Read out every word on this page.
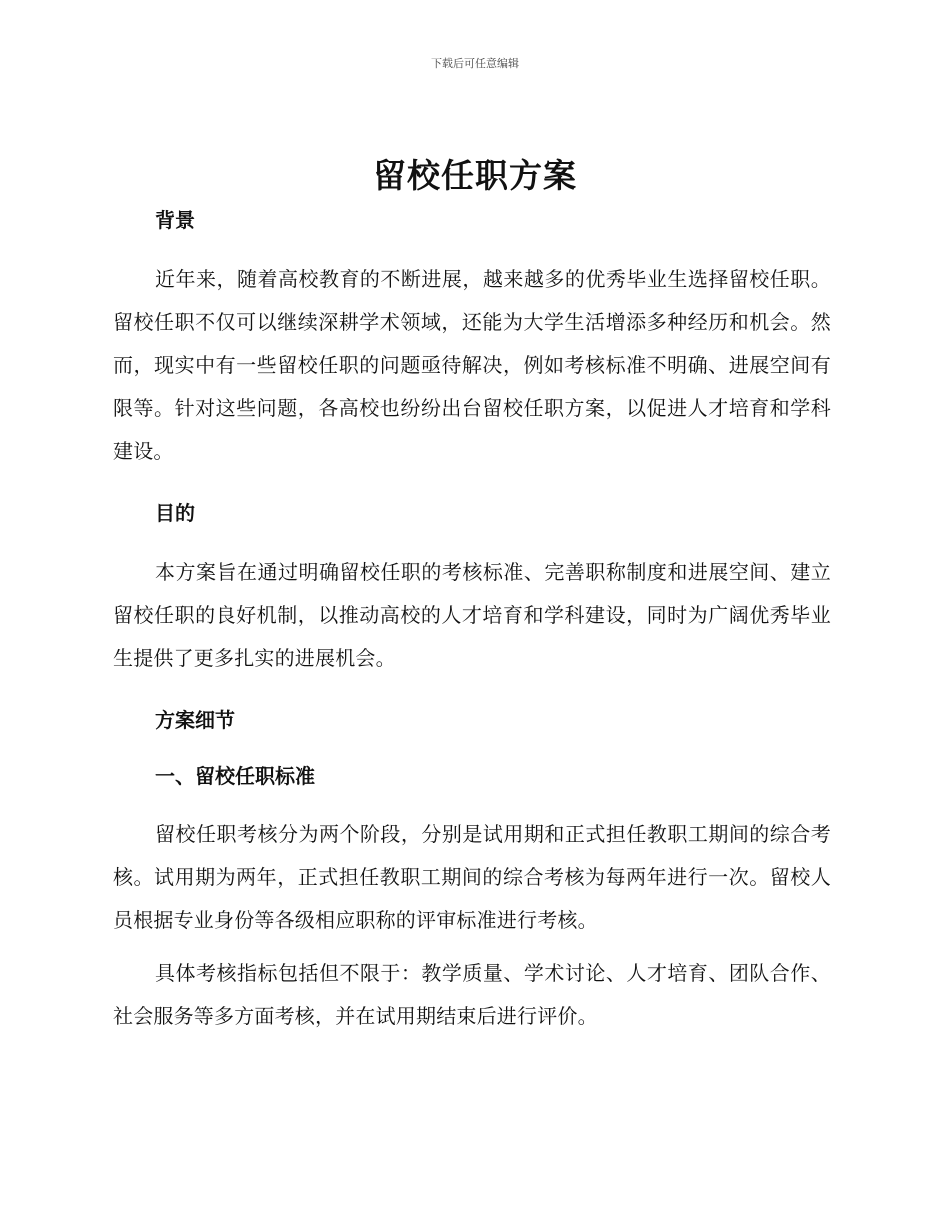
下载后可任意编辑
留校任职方案
背景

近年来，随着高校教育的不断进展，越来越多的优秀毕业生选择留校任职。留校任职不仅可以继续深耕学术领域，还能为大学生活增添多种经历和机会。然而，现实中有一些留校任职的问题亟待解决，例如考核标准不明确、进展空间有限等。针对这些问题，各高校也纷纷出台留校任职方案，以促进人才培育和学科建设。

目的

本方案旨在通过明确留校任职的考核标准、完善职称制度和进展空间、建立留校任职的良好机制，以推动高校的人才培育和学科建设，同时为广阔优秀毕业生提供了更多扎实的进展机会。

方案细节
一、留校任职标准

留校任职考核分为两个阶段，分别是试用期和正式担任教职工期间的综合考核。试用期为两年，正式担任教职工期间的综合考核为每两年进行一次。留校人员根据专业身份等各级相应职称的评审标准进行考核。

具体考核指标包括但不限于：教学质量、学术讨论、人才培育、团队合作、社会服务等多方面考核，并在试用期结束后进行评价。
